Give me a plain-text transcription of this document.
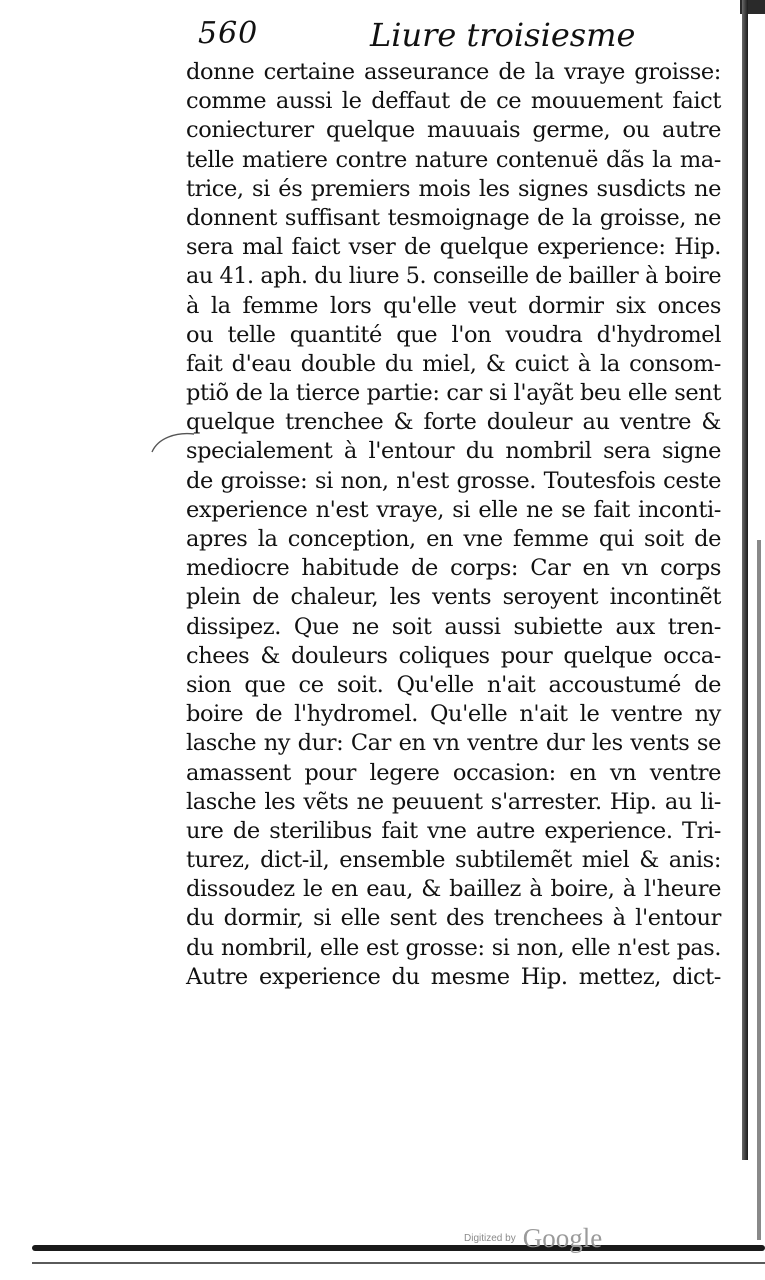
560	Liure troisiesme
donne certaine asseurance de la vraye groisse:
comme aussi le deffaut de ce mouuement faict
coniecturer quelque mauuais germe, ou autre
telle matiere contre nature contenuë dãs la ma-
trice, si és premiers mois les signes susdicts ne
donnent suffisant tesmoignage de la groisse, ne
sera mal faict vser de quelque experience: Hip.
au 41. aph. du liure 5. conseille de bailler à boire
à la femme lors qu'elle veut dormir six onces
ou telle quantité que l'on voudra d'hydromel
fait d'eau double du miel, & cuict à la consom-
ptiõ de la tierce partie: car si l'ayãt beu elle sent
quelque trenchee & forte douleur au ventre &
specialement à l'entour du nombril sera signe
de groisse: si non, n'est grosse. Toutesfois ceste
experience n'est vraye, si elle ne se fait inconti-
apres la conception, en vne femme qui soit de
mediocre habitude de corps: Car en vn corps
plein de chaleur, les vents seroyent incontinẽt
dissipez. Que ne soit aussi subiette aux tren-
chees & douleurs coliques pour quelque occa-
sion que ce soit. Qu'elle n'ait accoustumé de
boire de l'hydromel. Qu'elle n'ait le ventre ny
lasche ny dur: Car en vn ventre dur les vents se
amassent pour legere occasion: en vn ventre
lasche les vẽts ne peuuent s'arrester. Hip. au li-
ure de sterilibus fait vne autre experience. Tri-
turez, dict-il, ensemble subtilemẽt miel & anis:
dissoudez le en eau, & baillez à boire, à l'heure
du dormir, si elle sent des trenchees à l'entour
du nombril, elle est grosse: si non, elle n'est pas.
Autre experience du mesme Hip. mettez, dict-
Digitized by Google
